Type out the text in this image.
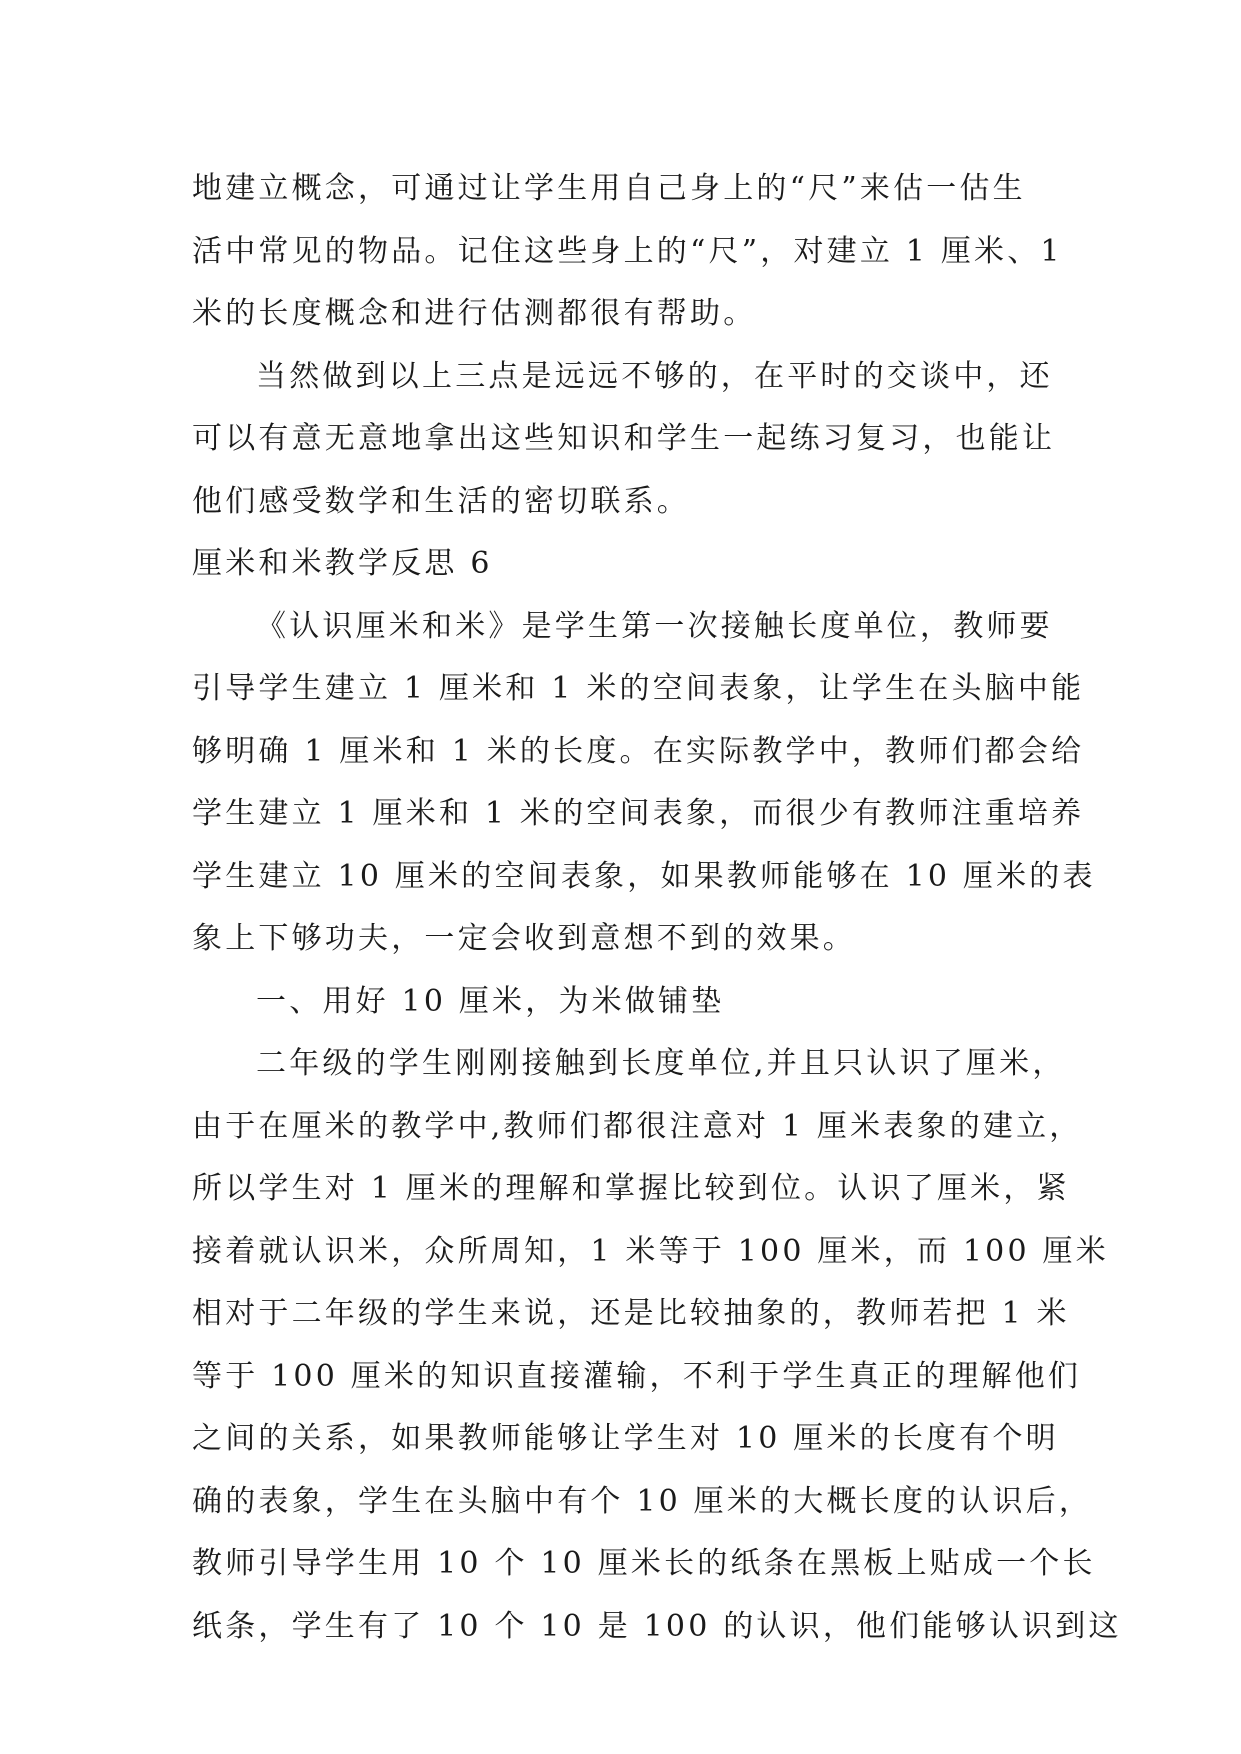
地建立概念，可通过让学生用自己身上的“尺”来估一估生
活中常见的物品。记住这些身上的“尺”，对建立 1 厘米、1
米的长度概念和进行估测都很有帮助。
当然做到以上三点是远远不够的，在平时的交谈中，还
可以有意无意地拿出这些知识和学生一起练习复习，也能让
他们感受数学和生活的密切联系。
厘米和米教学反思 6
《认识厘米和米》是学生第一次接触长度单位，教师要
引导学生建立 1 厘米和 1 米的空间表象，让学生在头脑中能
够明确 1 厘米和 1 米的长度。在实际教学中，教师们都会给
学生建立 1 厘米和 1 米的空间表象，而很少有教师注重培养
学生建立 10 厘米的空间表象，如果教师能够在 10 厘米的表
象上下够功夫，一定会收到意想不到的效果。
一、用好 10 厘米，为米做铺垫
二年级的学生刚刚接触到长度单位,并且只认识了厘米，
由于在厘米的教学中,教师们都很注意对 1 厘米表象的建立，
所以学生对 1 厘米的理解和掌握比较到位。认识了厘米，紧
接着就认识米，众所周知，1 米等于 100 厘米，而 100 厘米
相对于二年级的学生来说，还是比较抽象的，教师若把 1 米
等于 100 厘米的知识直接灌输，不利于学生真正的理解他们
之间的关系，如果教师能够让学生对 10 厘米的长度有个明
确的表象，学生在头脑中有个 10 厘米的大概长度的认识后，
教师引导学生用 10 个 10 厘米长的纸条在黑板上贴成一个长
纸条，学生有了 10 个 10 是 100 的认识，他们能够认识到这
